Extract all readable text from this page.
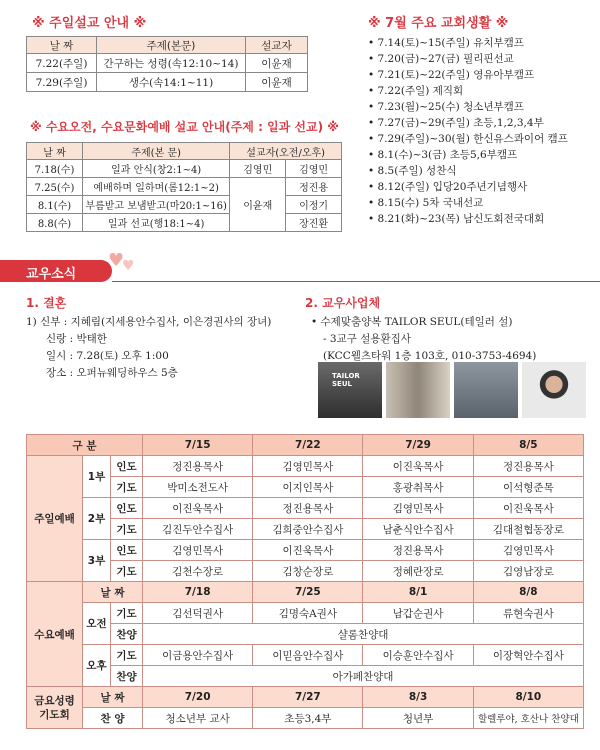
※ 주일설교 안내 ※
날 짜	주제(본문)	설교자
7.22(주일)	간구하는 성령(속12:10~14)	이윤재
7.29(주일)	생수(속14:1~11)	이윤재
※ 수요오전, 수요문화예배 설교 안내(주제 : 일과 선교) ※
날 짜	주제(본 문)	설교자(오전/오후)	
7.18(수)	일과 안식(창2:1~4)	김영민	김영민
7.25(수)	예배하며 일하며(롬12:1~2)	이윤재	정진용
8.1(수)	부름받고 보냄받고(마20:1~16)		이정기
8.8(수)	일과 선교(행18:1~4)		장진환
※ 7월 주요 교회생활 ※
• 7.14(토)~15(주일) 유치부캠프
• 7.20(금)~27(금) 필리핀선교
• 7.21(토)~22(주일) 영유아부캠프
• 7.22(주일) 제직회
• 7.23(월)~25(수) 청소년부캠프
• 7.27(금)~29(주일) 초등,1,2,3,4부
• 7.29(주일)~30(월) 한신유스콰이어 캠프
• 8.1(수)~3(금) 초등5,6부캠프
• 8.5(주일) 성찬식
• 8.12(주일) 입당20주년기념행사
• 8.15(수) 5차 국내선교
• 8.21(화)~23(목) 남신도회전국대회
교우소식
♥
♥
1. 결혼
1) 신부 : 지혜림(지세용안수집사, 이은경권사의 장녀)
신랑 : 박태한
일시 : 7.28(토) 오후 1:00
장소 : 오퍼뉴웨딩하우스 5층
2. 교우사업체
• 수제맞춤양복 TAILOR SEUL(테일러 설)
- 3교구 설용환집사
(KCC웰츠타워 1층 103호, 010-3753-4694)
TAILOR SEUL
구 분			7/15	7/22	7/29	8/5
주일예배	1부	인도	정진용목사	김영민목사	이진욱목사	정진용목사
		기도	박미소전도사	이지인목사	홍광취목사	이석형준목
	2부	인도	이진욱목사	정진용목사	김영민목사	이진욱목사
		기도	김진두안수집사	김희중안수집사	남춘식안수집사	김대철협동장로
	3부	인도	김영민목사	이진욱목사	정진용목사	김영민목사
		기도	김천수장로	김창순장로	정혜란장로	김영남장로
수요예배	날 짜		7/18	7/25	8/1	8/8
	오전	기도	김선덕권사	김명숙A권사	남갑순권사	류현숙권사
		찬양	샬롬찬양대			
	오후	기도	이금용안수집사	이믿음안수집사	이승훈안수집사	이장혁안수집사
		찬양	아가페찬양대			

금요성령
기도회	날 짜		7/20	7/27	8/3	8/10
	찬 양		청소년부 교사	초등3,4부	청년부	할렐루야, 호산나 찬양대
